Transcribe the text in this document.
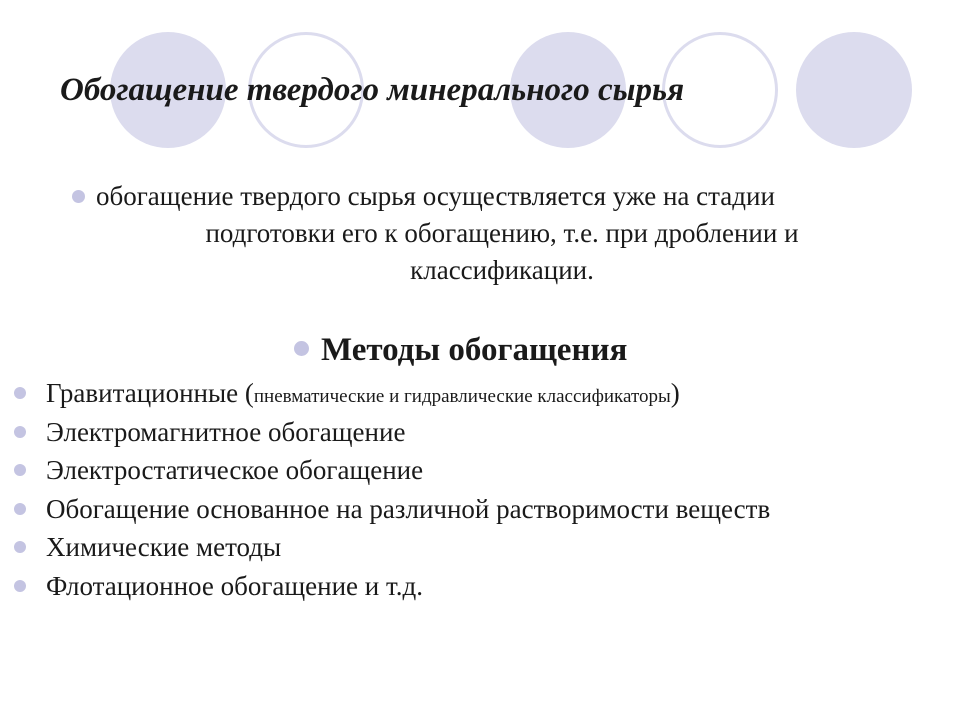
Обогащение твердого минерального сырья
обогащение твердого сырья осуществляется уже на стадии
подготовки его к обогащению, т.е. при дроблении и
классификации.
Методы обогащения
Гравитационные (пневматические и гидравлические классификаторы)
Электромагнитное обогащение
Электростатическое обогащение
Обогащение основанное на различной растворимости веществ
Химические методы
Флотационное обогащение и т.д.
